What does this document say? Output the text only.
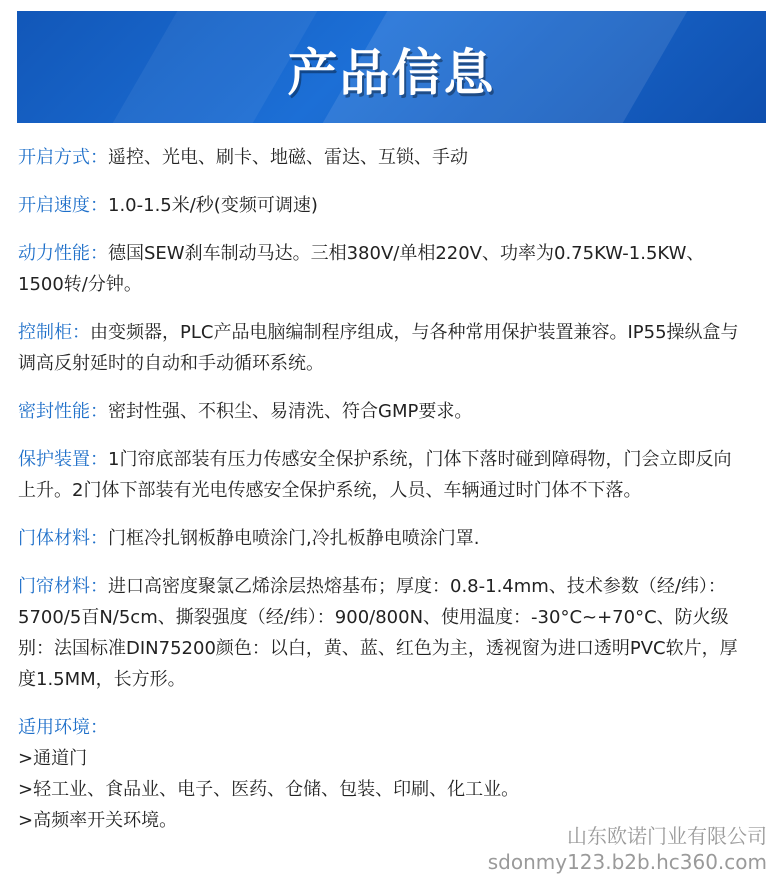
产品信息
开启方式：遥控、光电、刷卡、地磁、雷达、互锁、手动
开启速度：1.0-1.5米/秒(变频可调速)
动力性能：德国SEW刹车制动马达。三相380V/单相220V、功率为0.75KW-1.5KW、1500转/分钟。
控制柜：由变频器，PLC产品电脑编制程序组成，与各种常用保护装置兼容。IP55操纵盒与调高反射延时的自动和手动循环系统。
密封性能：密封性强、不积尘、易清洗、符合GMP要求。
保护装置：1门帘底部装有压力传感安全保护系统，门体下落时碰到障碍物，门会立即反向上升。2门体下部装有光电传感安全保护系统，人员、车辆通过时门体不下落。
门体材料：门框冷扎钢板静电喷涂门,冷扎板静电喷涂门罩.
门帘材料：进口高密度聚氯乙烯涂层热熔基布；厚度：0.8-1.4mm、技术参数（经/纬）：5700/5百N/5cm、撕裂强度（经/纬）：900/800N、使用温度：-30°C~+70°C、防火级别：法国标准DIN75200颜色：以白，黄、蓝、红色为主，透视窗为进口透明PVC软片，厚度1.5MM，长方形。
适用环境：
>通道门
>轻工业、食品业、电子、医药、仓储、包装、印刷、化工业。
>高频率开关环境。
山东欧诺门业有限公司
sdonmy123.b2b.hc360.com
